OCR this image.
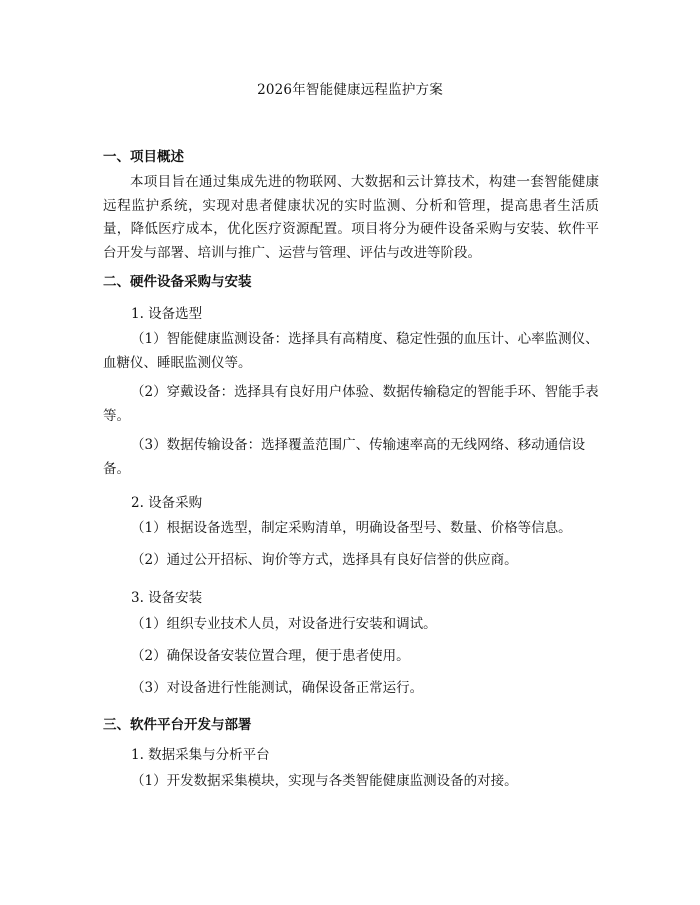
2026年智能健康远程监护方案
一、项目概述
本项目旨在通过集成先进的物联网、大数据和云计算技术，构建一套智能健康远程监护系统，实现对患者健康状况的实时监测、分析和管理，提高患者生活质量，降低医疗成本，优化医疗资源配置。项目将分为硬件设备采购与安装、软件平台开发与部署、培训与推广、运营与管理、评估与改进等阶段。
二、硬件设备采购与安装
1. 设备选型
（1）智能健康监测设备：选择具有高精度、稳定性强的血压计、心率监测仪、血糖仪、睡眠监测仪等。
（2）穿戴设备：选择具有良好用户体验、数据传输稳定的智能手环、智能手表等。
（3）数据传输设备：选择覆盖范围广、传输速率高的无线网络、移动通信设备。
2. 设备采购
（1）根据设备选型，制定采购清单，明确设备型号、数量、价格等信息。
（2）通过公开招标、询价等方式，选择具有良好信誉的供应商。
3. 设备安装
（1）组织专业技术人员，对设备进行安装和调试。
（2）确保设备安装位置合理，便于患者使用。
（3）对设备进行性能测试，确保设备正常运行。
三、软件平台开发与部署
1. 数据采集与分析平台
（1）开发数据采集模块，实现与各类智能健康监测设备的对接。
